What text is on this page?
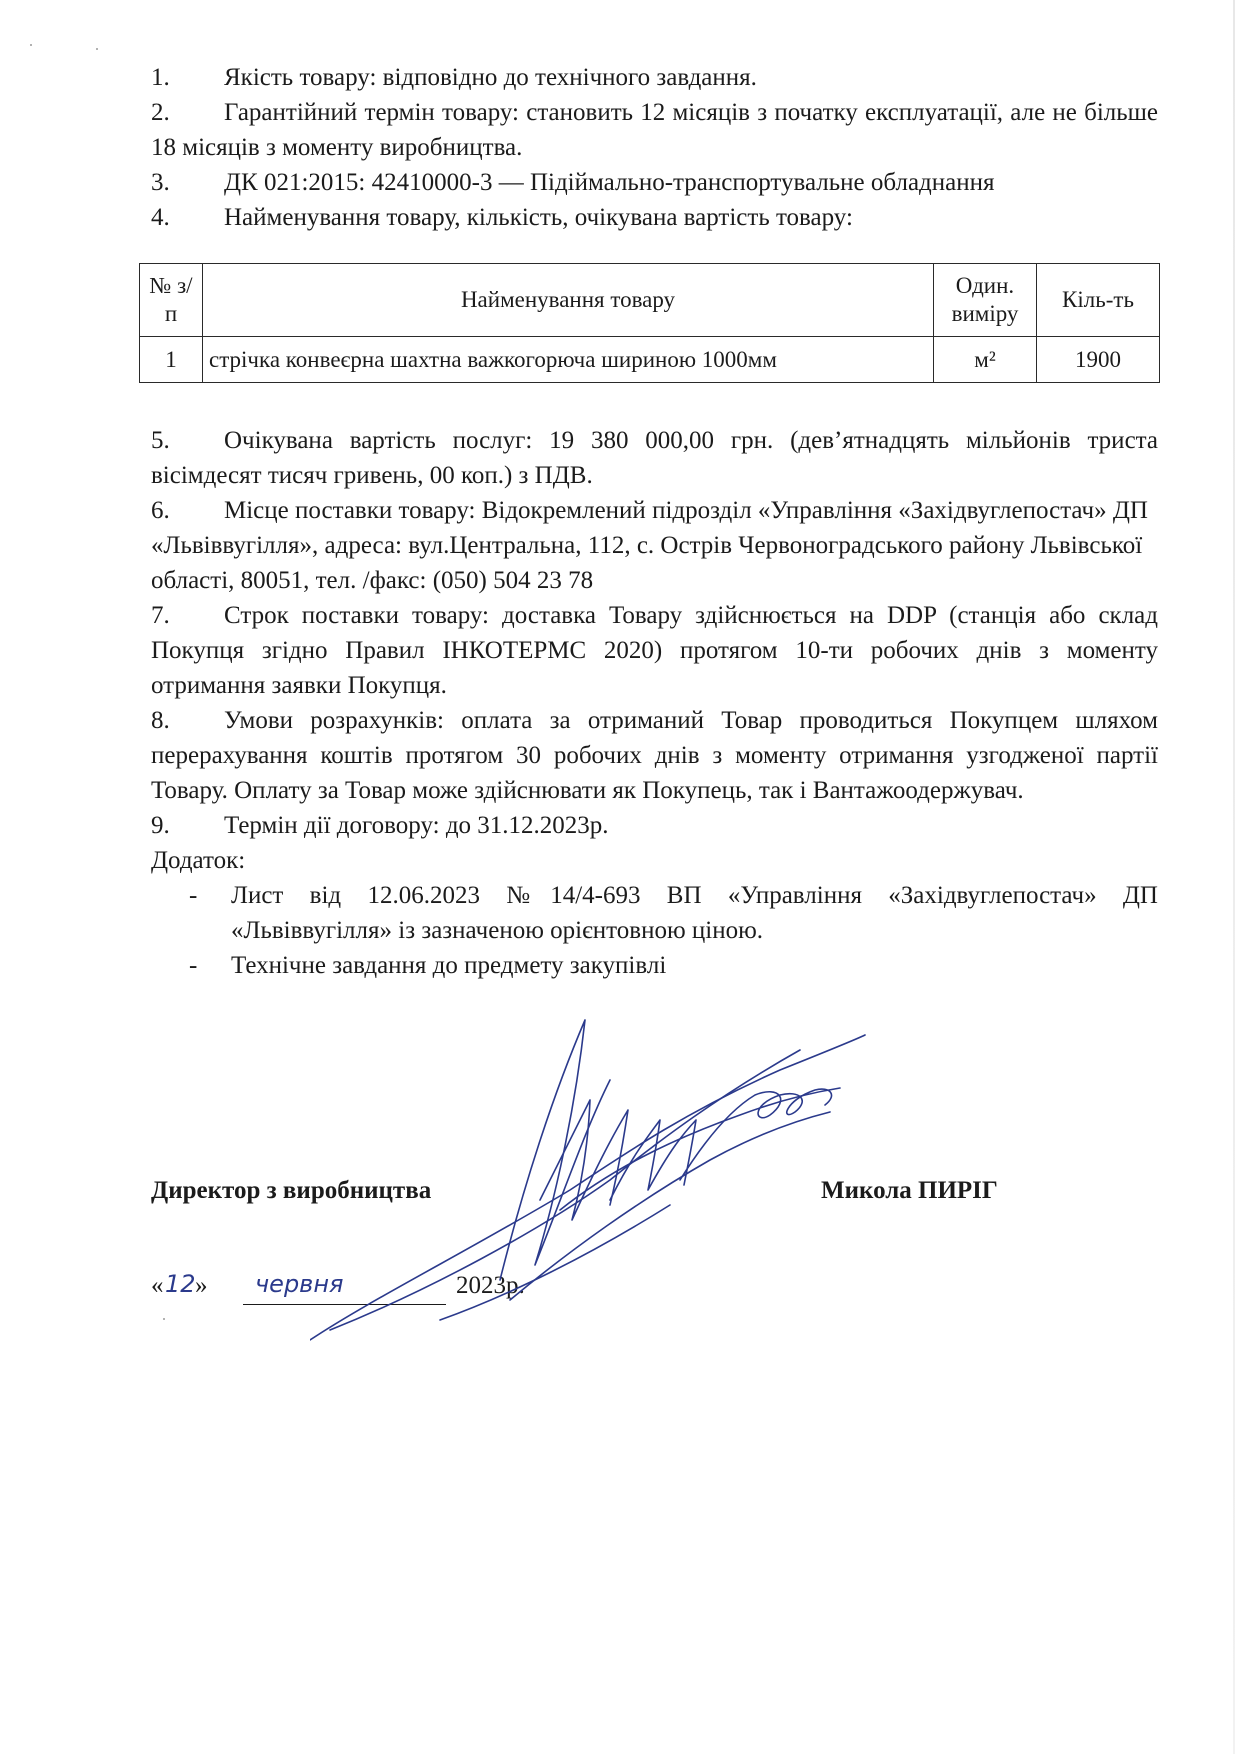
1. Якість товару: відповідно до технічного завдання.

2. Гарантійний термін товару: становить 12 місяців з початку експлуатації, але не більше 18 місяців з моменту виробництва.

3. ДК 021:2015: 42410000-3 — Підіймально-транспортувальне обладнання

4. Найменування товару, кількість, очікувана вартість товару:

№ з/п	Найменування товару	Один. виміру	Кіль-ть
1	стрічка конвеєрна шахтна важкогорюча шириною 1000мм	м²	1900

5. Очікувана вартість послуг: 19 380 000,00 грн. (дев’ятнадцять мільйонів триста вісімдесят тисяч гривень, 00 коп.) з ПДВ.

6. Місце поставки товару: Відокремлений підрозділ «Управління «Західвуглепостач» ДП «Львіввугілля», адреса: вул.Центральна, 112, с. Острів Червоноградського району Львівської області, 80051, тел. /факс: (050) 504 23 78

7. Строк поставки товару: доставка Товару здійснюється на DDP (станція або склад Покупця згідно Правил ІНКОТЕРМС 2020) протягом 10-ти робочих днів з моменту отримання заявки Покупця.

8. Умови розрахунків: оплата за отриманий Товар проводиться Покупцем шляхом перерахування коштів протягом 30 робочих днів з моменту отримання узгодженої партії Товару. Оплату за Товар може здійснювати як Покупець, так і Вантажоодержувач.

9. Термін дії договору: до 31.12.2023р.

Додаток:

- Лист від 12.06.2023 №14/4-693 ВП «Управління «Західвуглепостач» ДП «Львіввугілля» із зазначеною орієнтовною ціною.

- Технічне завдання до предмету закупівлі

Директор з виробництва	Микола ПИРІГ
« 12 » червня	2023р.
